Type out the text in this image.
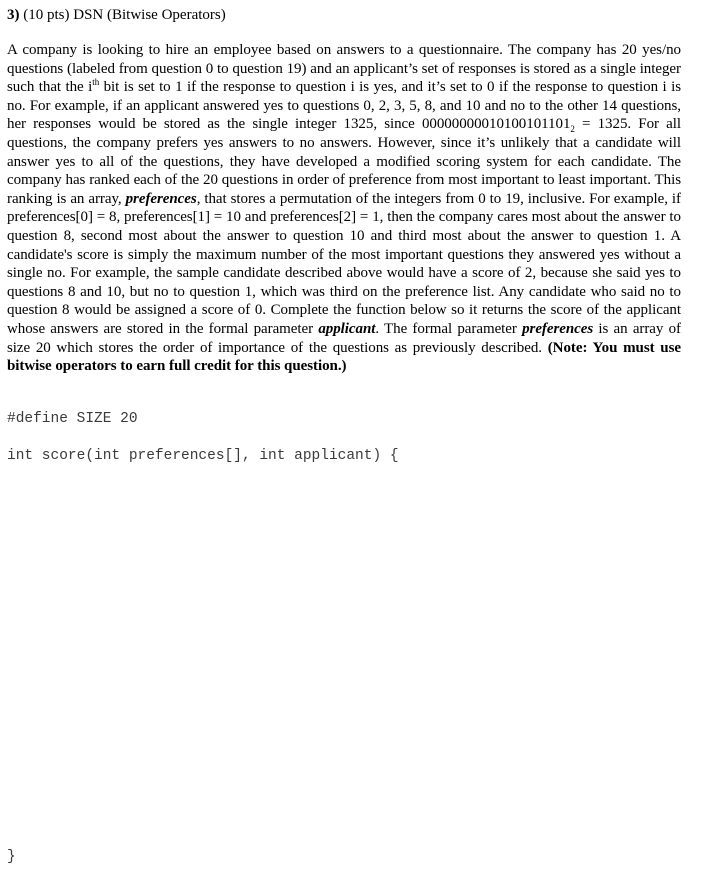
3) (10 pts) DSN (Bitwise Operators)
A company is looking to hire an employee based on answers to a questionnaire. The company has 20 yes/no questions (labeled from question 0 to question 19) and an applicant’s set of responses is stored as a single integer such that the $i^{th}$ bit is set to 1 if the response to question i is yes, and it’s set to 0 if the response to question i is no. For example, if an applicant answered yes to questions 0, 2, 3, 5, 8, and 10 and no to the other 14 questions, her responses would be stored as the single integer 1325, since $00000000010100101101_2 = 1325$. For all questions, the company prefers yes answers to no answers. However, since it’s unlikely that a candidate will answer yes to all of the questions, they have developed a modified scoring system for each candidate. The company has ranked each of the 20 questions in order of preference from most important to least important. This ranking is an array, preferences, that stores a permutation of the integers from 0 to 19, inclusive. For example, if preferences[0] = 8, preferences[1] = 10 and preferences[2] = 1, then the company cares most about the answer to question 8, second most about the answer to question 10 and third most about the answer to question 1. A candidate's score is simply the maximum number of the most important questions they answered yes without a single no. For example, the sample candidate described above would have a score of 2, because she said yes to questions 8 and 10, but no to question 1, which was third on the preference list. Any candidate who said no to question 8 would be assigned a score of 0. Complete the function below so it returns the score of the applicant whose answers are stored in the formal parameter applicant. The formal parameter preferences is an array of size 20 which stores the order of importance of the questions as previously described. (Note: You must use bitwise operators to earn full credit for this question.)
#define SIZE 20
int score(int preferences[], int applicant) {
}
